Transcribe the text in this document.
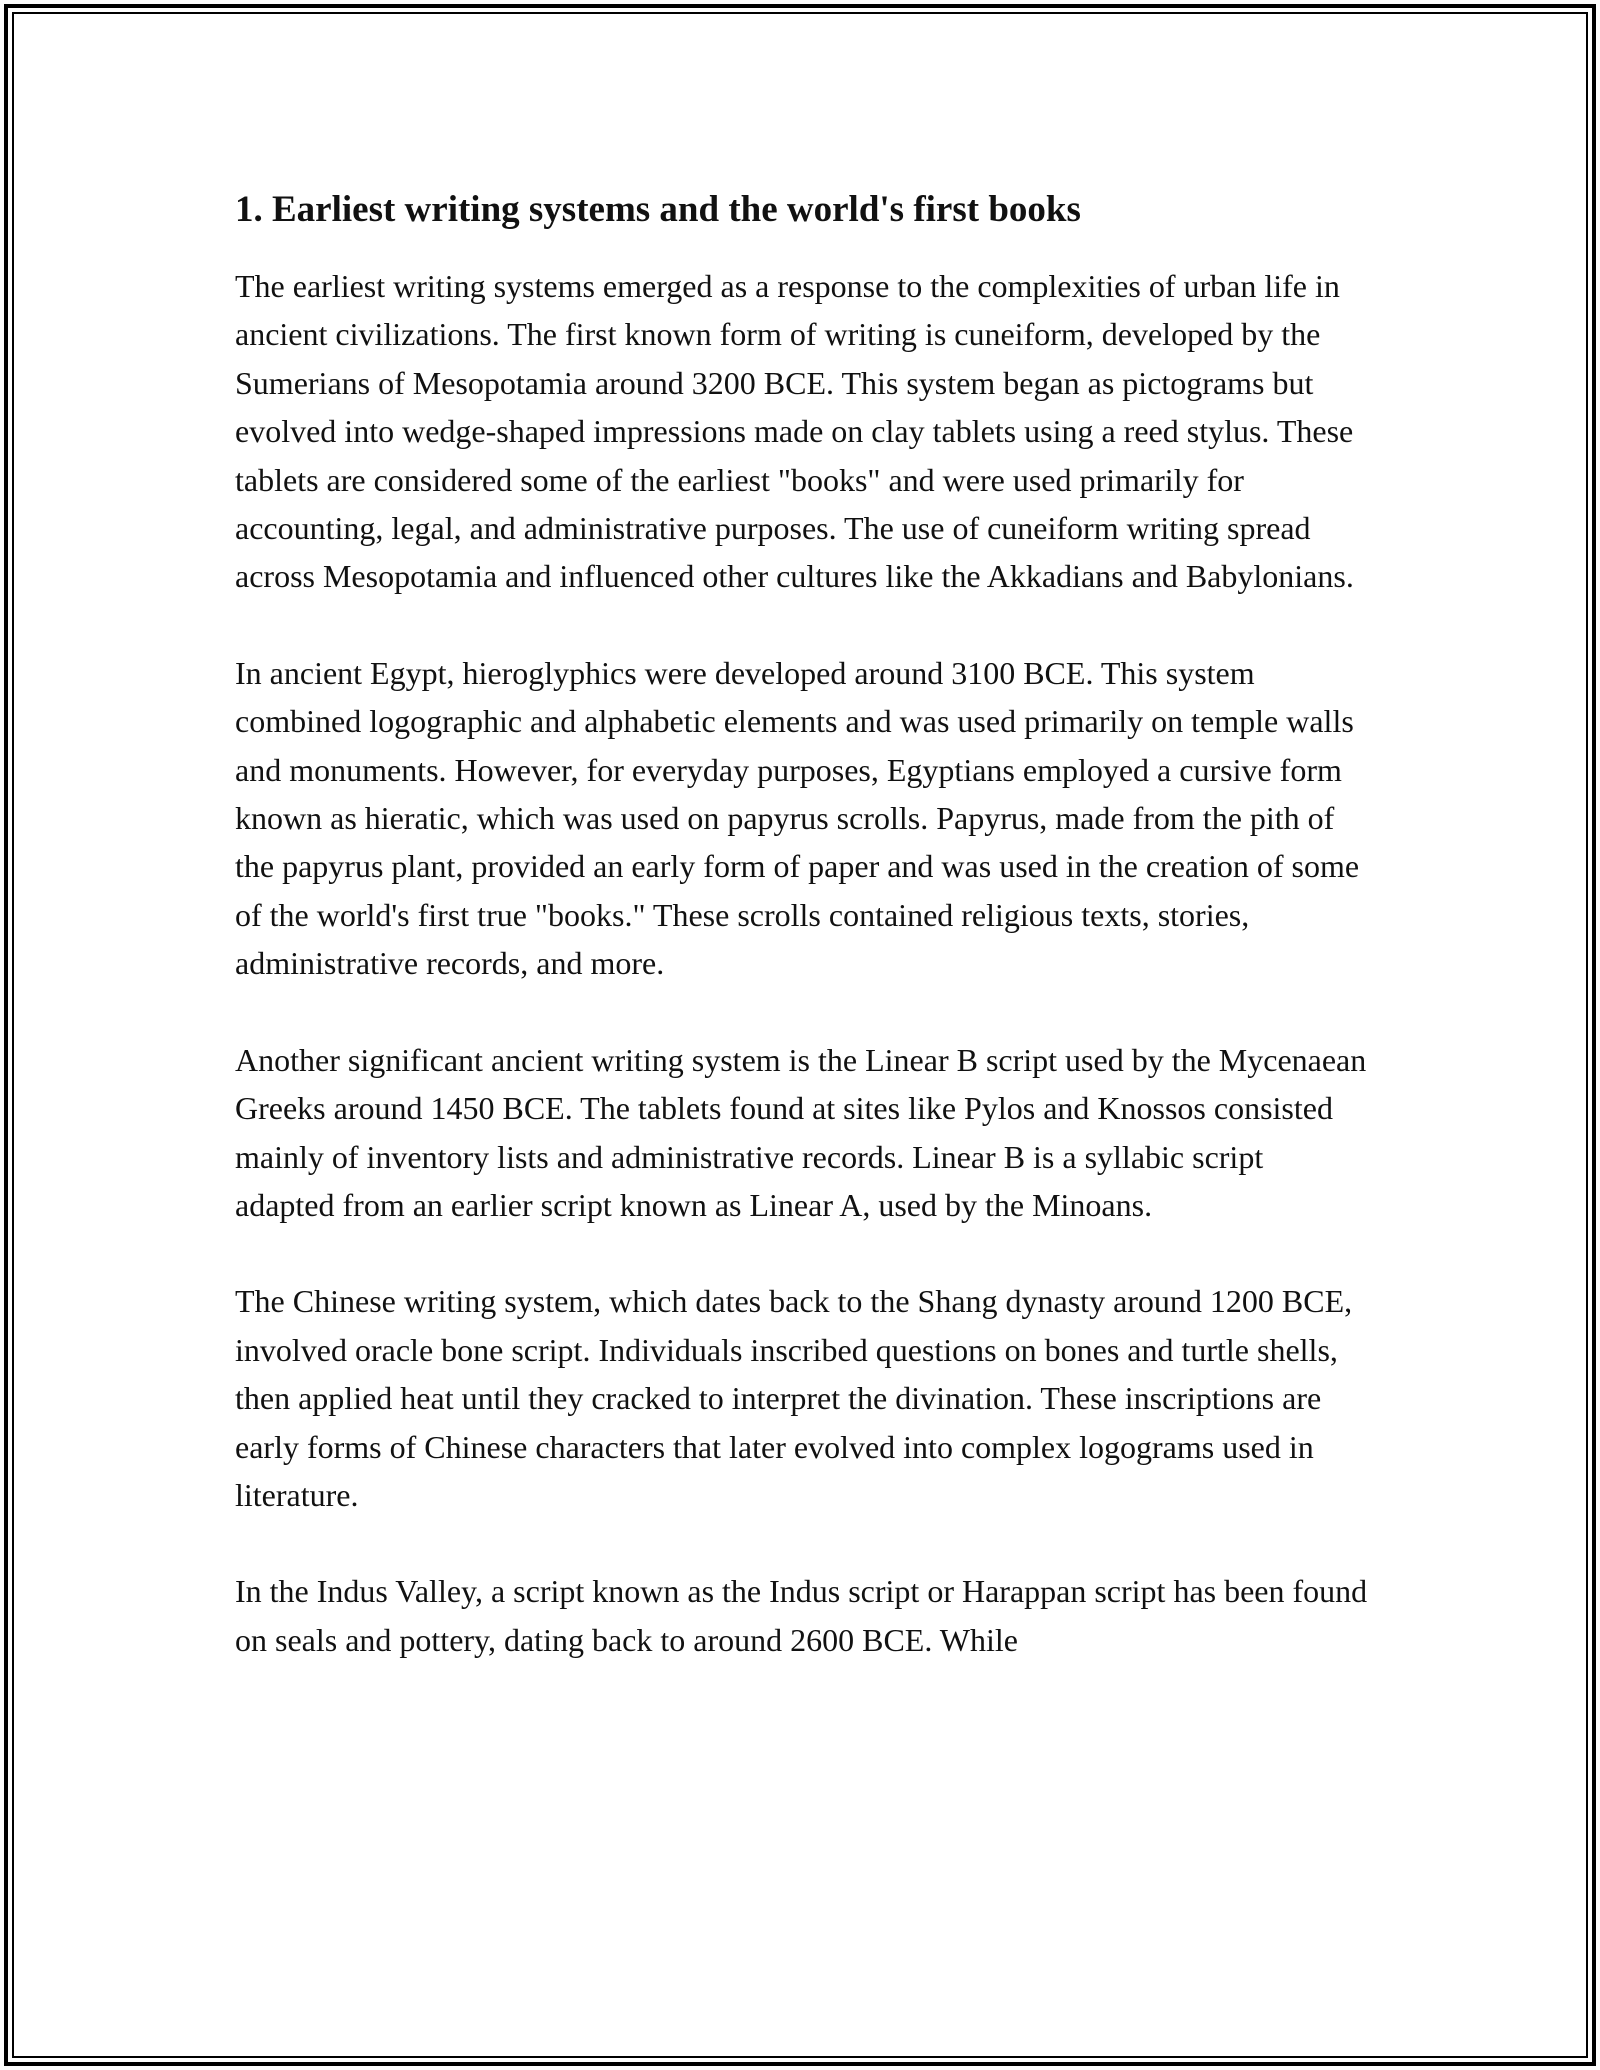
1. Earliest writing systems and the world's first books

The earliest writing systems emerged as a response to the complexities of urban life in ancient civilizations. The first known form of writing is cuneiform, developed by the Sumerians of Mesopotamia around 3200 BCE. This system began as pictograms but evolved into wedge-shaped impressions made on clay tablets using a reed stylus. These tablets are considered some of the earliest "books" and were used primarily for accounting, legal, and administrative purposes. The use of cuneiform writing spread across Mesopotamia and influenced other cultures like the Akkadians and Babylonians.

In ancient Egypt, hieroglyphics were developed around 3100 BCE. This system combined logographic and alphabetic elements and was used primarily on temple walls and monuments. However, for everyday purposes, Egyptians employed a cursive form known as hieratic, which was used on papyrus scrolls. Papyrus, made from the pith of the papyrus plant, provided an early form of paper and was used in the creation of some of the world's first true "books." These scrolls contained religious texts, stories, administrative records, and more.

Another significant ancient writing system is the Linear B script used by the Mycenaean Greeks around 1450 BCE. The tablets found at sites like Pylos and Knossos consisted mainly of inventory lists and administrative records. Linear B is a syllabic script adapted from an earlier script known as Linear A, used by the Minoans.

The Chinese writing system, which dates back to the Shang dynasty around 1200 BCE, involved oracle bone script. Individuals inscribed questions on bones and turtle shells, then applied heat until they cracked to interpret the divination. These inscriptions are early forms of Chinese characters that later evolved into complex logograms used in literature.

In the Indus Valley, a script known as the Indus script or Harappan script has been found on seals and pottery, dating back to around 2600 BCE. While
